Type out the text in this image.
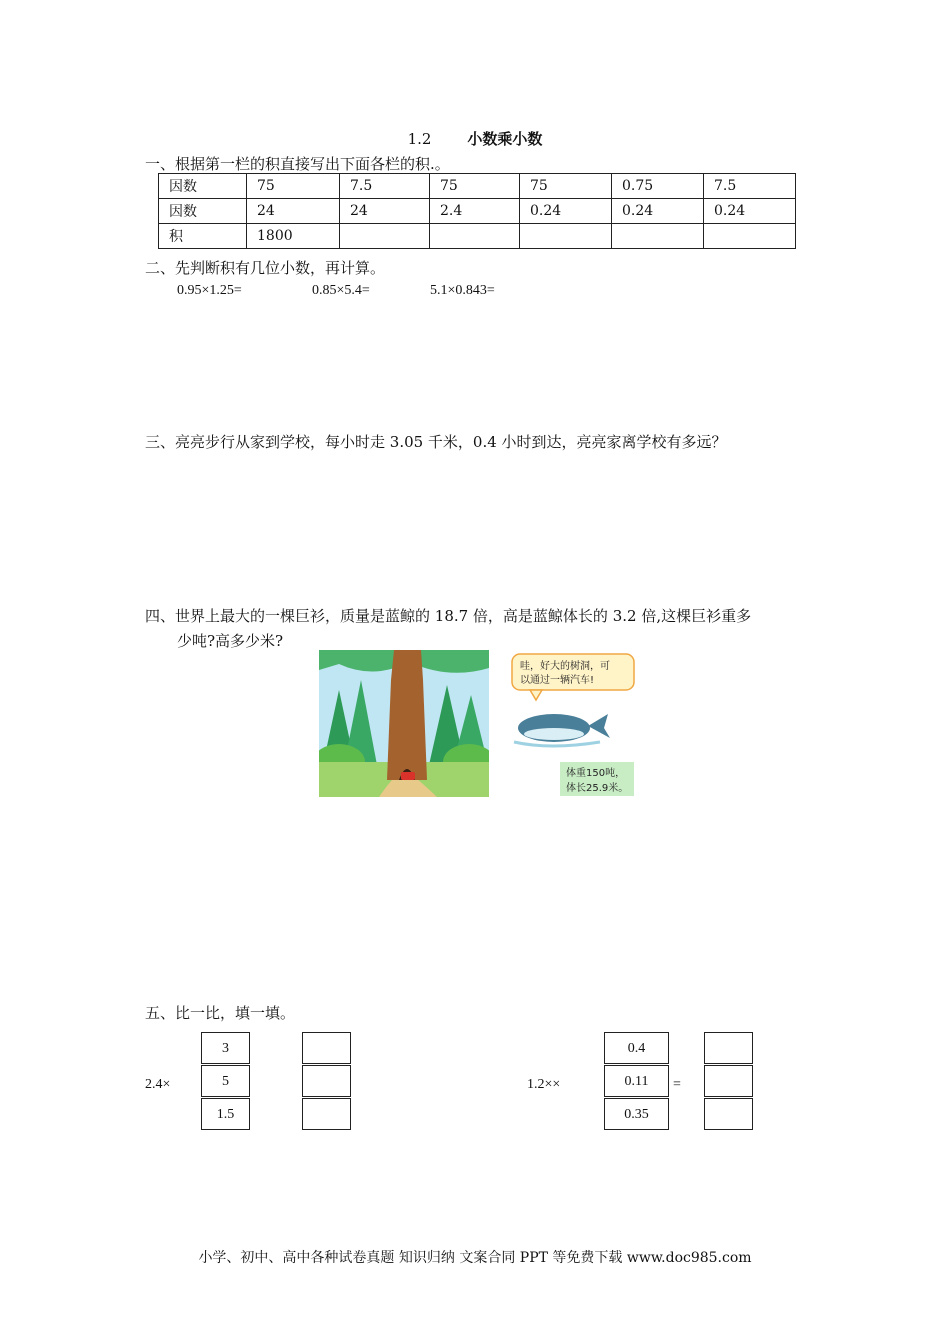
1.2 小数乘小数
一、根据第一栏的积直接写出下面各栏的积.。
因数	75	7.5	75	75	0.75	7.5
因数	24	24	2.4	0.24	0.24	0.24
积	1800					
二、先判断积有几位小数，再计算。
0.95×1.25=	0.85×5.4=	5.1×0.843=
三、亮亮步行从家到学校，每小时走 3.05 千米，0.4 小时到达，亮亮家离学校有多远？
四、世界上最大的一棵巨衫，质量是蓝鲸的 18.7 倍，高是蓝鲸体长的 3.2 倍,这棵巨衫重多
少吨?高多少米?
哇，好大的树洞，可
以通过一辆汽车!
体重150吨，
体长25.9米。
五、比一比，填一填。
2.4×
3
5
1.5
1.2××
0.4
0.11
0.35
=
小学、初中、高中各种试卷真题 知识归纳 文案合同 PPT 等免费下载 www.doc985.com
